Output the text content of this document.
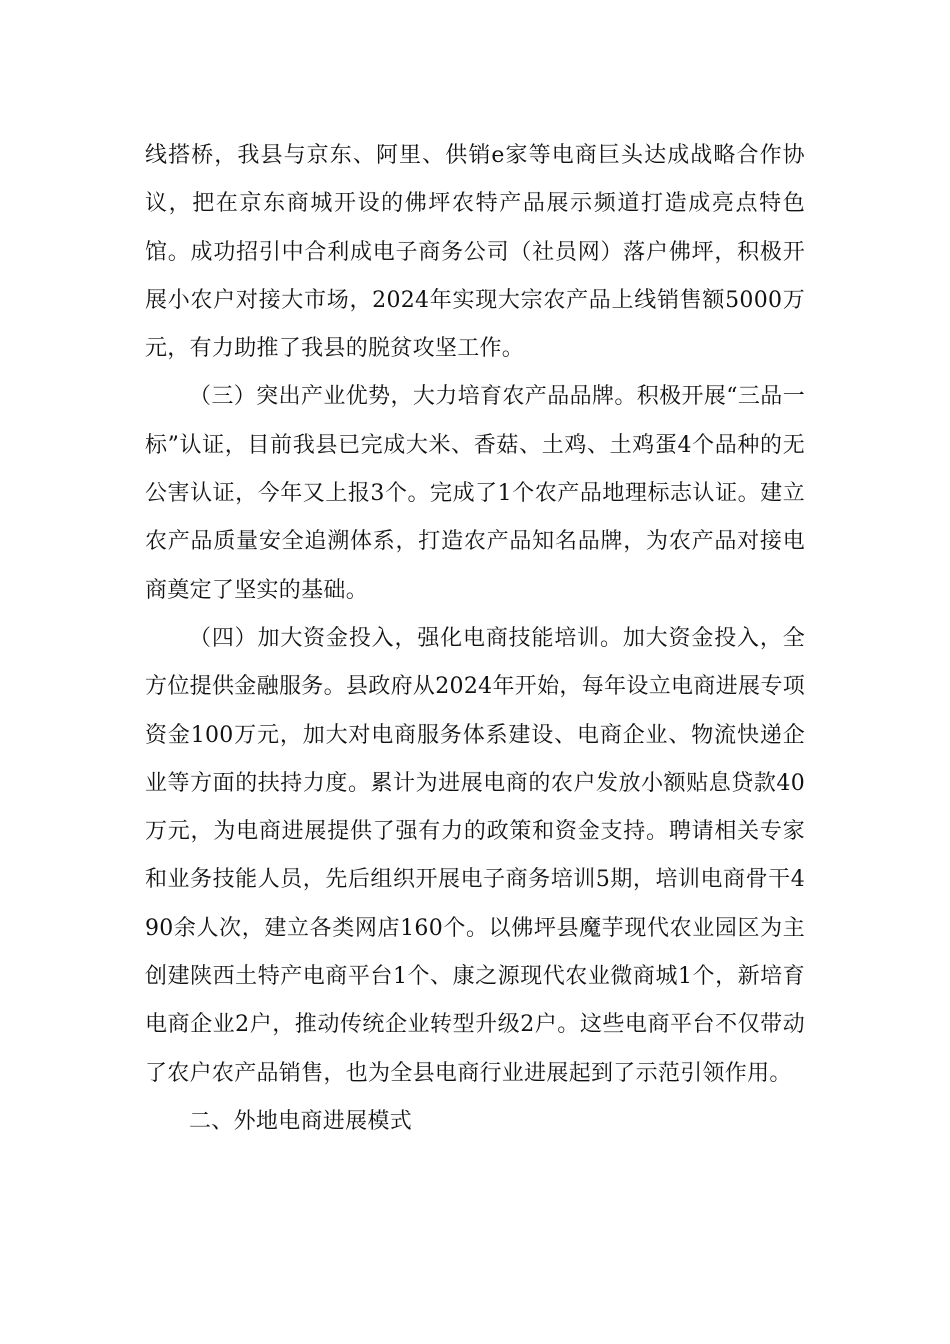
线搭桥，我县与京东、阿里、供销e家等电商巨头达成战略合作协议，把在京东商城开设的佛坪农特产品展示频道打造成亮点特色馆。成功招引中合利成电子商务公司（社员网）落户佛坪，积极开展小农户对接大市场，2024年实现大宗农产品上线销售额5000万元，有力助推了我县的脱贫攻坚工作。

（三）突出产业优势，大力培育农产品品牌。积极开展“三品一标”认证，目前我县已完成大米、香菇、土鸡、土鸡蛋4个品种的无公害认证，今年又上报3个。完成了1个农产品地理标志认证。建立农产品质量安全追溯体系，打造农产品知名品牌，为农产品对接电商奠定了坚实的基础。

（四）加大资金投入，强化电商技能培训。加大资金投入，全方位提供金融服务。县政府从2024年开始，每年设立电商进展专项资金100万元，加大对电商服务体系建设、电商企业、物流快递企业等方面的扶持力度。累计为进展电商的农户发放小额贴息贷款40万元，为电商进展提供了强有力的政策和资金支持。聘请相关专家和业务技能人员，先后组织开展电子商务培训5期，培训电商骨干490余人次，建立各类网店160个。以佛坪县魔芋现代农业园区为主创建陕西土特产电商平台1个、康之源现代农业微商城1个，新培育电商企业2户，推动传统企业转型升级2户。这些电商平台不仅带动了农户农产品销售，也为全县电商行业进展起到了示范引领作用。

二、外地电商进展模式
